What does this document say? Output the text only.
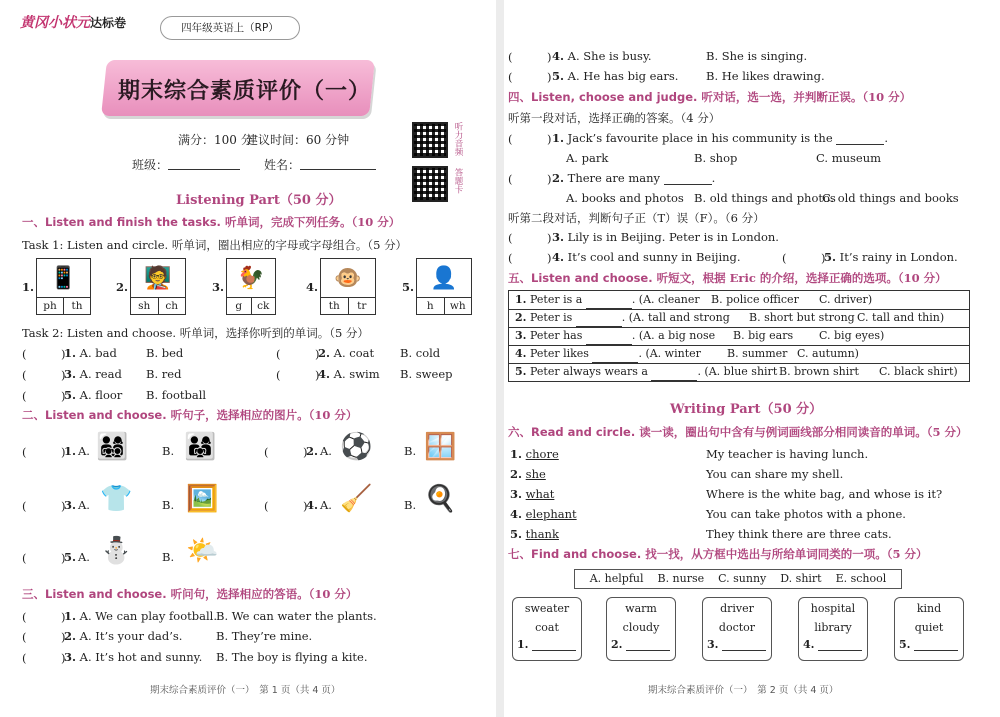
黄冈小状元 达标卷	四年级英语上（RP）
期末综合素质评价（一）
满分：100 分
建议时间：60 分钟
班级：	姓名：
听力音频
答题卡
Listening Part（50 分）
一、Listen and finish the tasks. 听单词，完成下列任务。（10 分）
Task 1: Listen and circle. 听单词，圈出相应的字母或字母组合。（5 分）
1. 📱
ph	th
2. 🧑‍🏫
sh	ch
3. 🐓
g	ck
4. 🐵
th	tr
5. 👤
h	wh
Task 2: Listen and choose. 听单词，选择你听到的单词。（5 分）
(　　　)
1. A. bad	B. bed	(　　　)
2. A. coat B. cold
(　　　)
3. A. read B. red	(　　　)
4. A. swim B. sweep
(　　　)
5. A. floor B. football
二、Listen and choose. 听句子，选择相应的图片。（10 分）
(　　　)
1. A. 👨‍👩‍👧‍👦	B. 👨‍👩‍👧	(　　　)
2. A. ⚽	B. 🪟
(　　　)
3. A. 👕	B. 🖼️	(　　　)
4. A. 🧹	B. 🍳
(　　　)
5. A. ⛄	B. 🌤️
三、Listen and choose. 听问句，选择相应的答语。（10 分）
(　　　)
1. A. We can play football. B. We can water the plants.
(　　　)
2. A. It’s your dad’s.	B. They’re mine.
(　　　)
3. A. It’s hot and sunny. B. The boy is flying a kite.
期末综合素质评价（一）　第 1 页（共 4 页）
(　　　) 4. A. She is busy.	B. She is singing.
(　　　) 5. A. He has big ears. B. He likes drawing.
四、Listen, choose and judge. 听对话，选一选，并判断正误。（10 分）
听第一段对话，选择正确的答案。（4 分）
(　　　) 1. Jack’s favourite place in his community is the	.
A. park	B. shop	C. museum
(　　　) 2. There are many	.
A. books and photos B. old things and photos
C. old things and books
听第二段对话，判断句子正（T）误（F）。（6 分）
(　　　) 3. Lily is in Beijing. Peter is in London.
(　　　) 4. It’s cool and sunny in Beijing.	(　　　)
5. It’s rainy in London.
五、Listen and choose. 听短文，根据 Eric 的介绍，选择正确的选项。（10 分）
1. Peter is a	. (A. cleaner B. police officer C. driver)
2. Peter is	. (A. tall and strong B. short but strong C. tall and thin)
3. Peter has	. (A. a big nose B. big ears C. big eyes)
4. Peter likes	. (A. winter B. summer C. autumn)
5. Peter always wears a	. (A. blue shirt B. brown shirt C. black shirt)
Writing Part（50 分）
六、Read and circle. 读一读，圈出句中含有与例词画线部分相同读音的单词。（5 分）
1. chore	My teacher is having lunch.
2. she	You can share my shell.
3. what	Where is the white bag, and whose is it?
4. elephant	You can take photos with a phone.
5. thank	They think there are three cats.
七、Find and choose. 找一找，从方框中选出与所给单词同类的一项。（5 分）
A. helpful    B. nurse    C. sunny    D. shirt    E. school
sweater
coat
1.
warm
cloudy
2.
driver
doctor
3.
hospital
library
4.
kind
quiet
5.
期末综合素质评价（一）　第 2 页（共 4 页）
